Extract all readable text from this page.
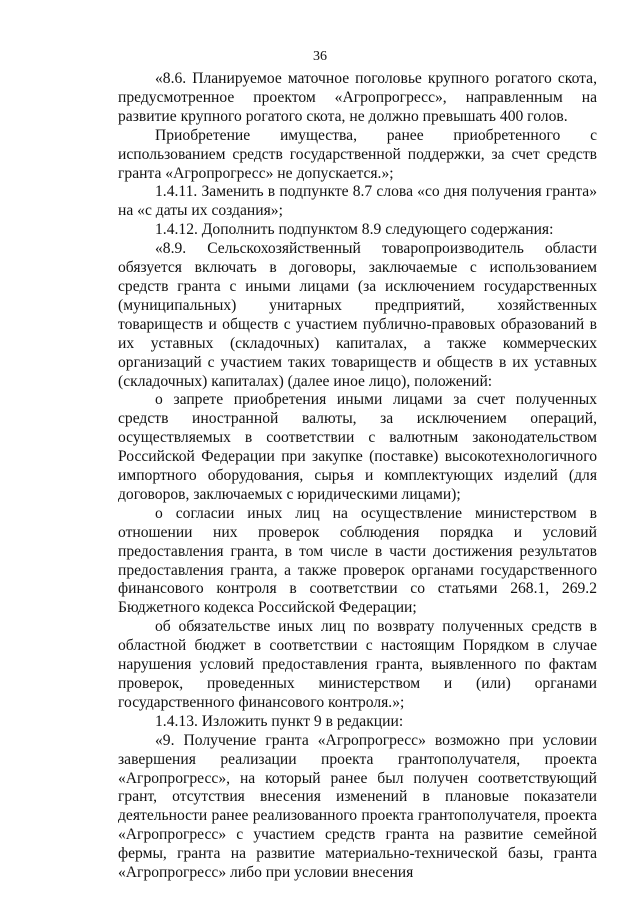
36

«8.6. Планируемое маточное поголовье крупного рогатого скота, предусмотренное проектом «Агропрогресс», направленным на развитие крупного рогатого скота, не должно превышать 400 голов.

Приобретение имущества, ранее приобретенного с использованием средств государственной поддержки, за счет средств гранта «Агропрогресс» не допускается.»;

1.4.11. Заменить в подпункте 8.7 слова «со дня получения гранта» на «с даты их создания»;

1.4.12. Дополнить подпунктом 8.9 следующего содержания:

«8.9. Сельскохозяйственный товаропроизводитель области обязуется включать в договоры, заключаемые с использованием средств гранта с иными лицами (за исключением государственных (муниципальных) унитарных предприятий, хозяйственных товариществ и обществ с участием публично-правовых образований в их уставных (складочных) капиталах, а также коммерческих организаций с участием таких товариществ и обществ в их уставных (складочных) капиталах) (далее иное лицо), положений:

о запрете приобретения иными лицами за счет полученных средств иностранной валюты, за исключением операций, осуществляемых в соответствии с валютным законодательством Российской Федерации при закупке (поставке) высокотехнологичного импортного оборудования, сырья и комплектующих изделий (для договоров, заключаемых с юридическими лицами);

о согласии иных лиц на осуществление министерством в отношении них проверок соблюдения порядка и условий предоставления гранта, в том числе в части достижения результатов предоставления гранта, а также проверок органами государственного финансового контроля в соответствии со статьями 268.1, 269.2 Бюджетного кодекса Российской Федерации;

об обязательстве иных лиц по возврату полученных средств в областной бюджет в соответствии с настоящим Порядком в случае нарушения условий предоставления гранта, выявленного по фактам проверок, проведенных министерством и (или) органами государственного финансового контроля.»;

1.4.13. Изложить пункт 9 в редакции:

«9. Получение гранта «Агропрогресс» возможно при условии завершения реализации проекта грантополучателя, проекта «Агропрогресс», на который ранее был получен соответствующий грант, отсутствия внесения изменений в плановые показатели деятельности ранее реализованного проекта грантополучателя, проекта «Агропрогресс» с участием средств гранта на развитие семейной фермы, гранта на развитие материально-технической базы, гранта «Агропрогресс» либо при условии внесения
